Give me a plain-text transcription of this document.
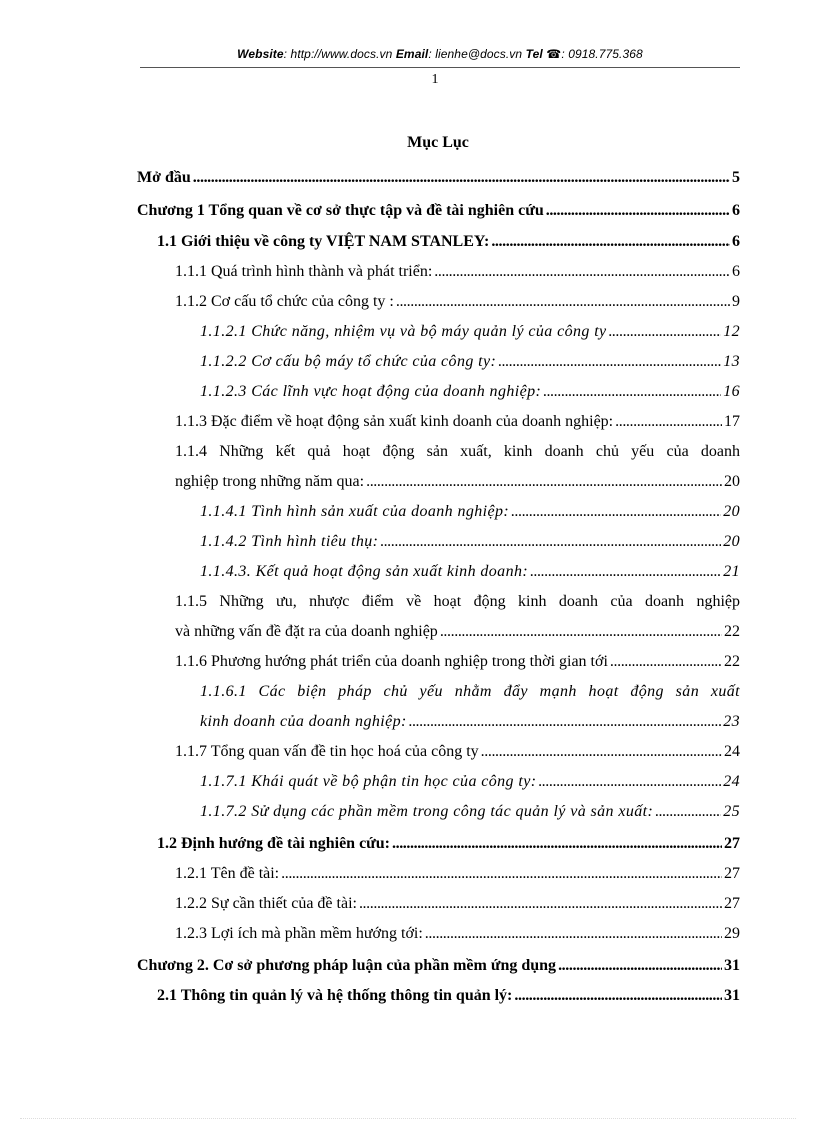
Website: http://www.docs.vn Email: lienhe@docs.vn Tel ☎: 0918.775.368
1
Mục Lục
Mở đầu . . .	5
Chương 1 Tổng quan về cơ sở thực tập và đề tài nghiên cứu . . .	6
1.1 Giới thiệu về công ty VIỆT NAM STANLEY: . . .	6
1.1.1 Quá trình hình thành và phát triển: . . .	6
1.1.2 Cơ cấu tổ chức của công ty : . . .	9
1.1.2.1 Chức năng, nhiệm vụ và bộ máy quản lý của công ty . . .	12
1.1.2.2 Cơ cấu bộ máy tổ chức của công ty: . . .	13
1.1.2.3 Các lĩnh vực hoạt động của doanh nghiệp: . . .	16
1.1.3 Đặc điểm về hoạt động sản xuất kinh doanh của doanh nghiệp: . . .	17
1.1.4 Những kết quả hoạt động sản xuất, kinh doanh chủ yếu của doanh
nghiệp trong những năm qua: . . .	20
1.1.4.1 Tình hình sản xuất của doanh nghiệp: . . .	20
1.1.4.2 Tình hình tiêu thụ: . . .	20
1.1.4.3. Kết quả hoạt động sản xuất kinh doanh: . . .	21
1.1.5 Những ưu, nhược điểm về hoạt động kinh doanh của doanh nghiệp
và những vấn đề đặt ra của doanh nghiệp . . .	22
1.1.6 Phương hướng phát triển của doanh nghiệp trong thời gian tới . . .	22
1.1.6.1 Các biện pháp chủ yếu nhằm đẩy mạnh hoạt động sản xuất
kinh doanh của doanh nghiệp: . . .	23
1.1.7 Tổng quan vấn đề tin học hoá của công ty . . .	24
1.1.7.1 Khái quát về bộ phận tin học của công ty: . . .	24
1.1.7.2 Sử dụng các phần mềm trong công tác quản lý và sản xuất: . . .	25
1.2 Định hướng đề tài nghiên cứu: . . .	27
1.2.1 Tên đề tài: . . .	27
1.2.2 Sự cần thiết của đề tài: . . .	27
1.2.3 Lợi ích mà phần mềm hướng tới: . . .	29
Chương 2. Cơ sở phương pháp luận của phần mềm ứng dụng . . .	31
2.1 Thông tin quản lý và hệ thống thông tin quản lý: . . .	31
